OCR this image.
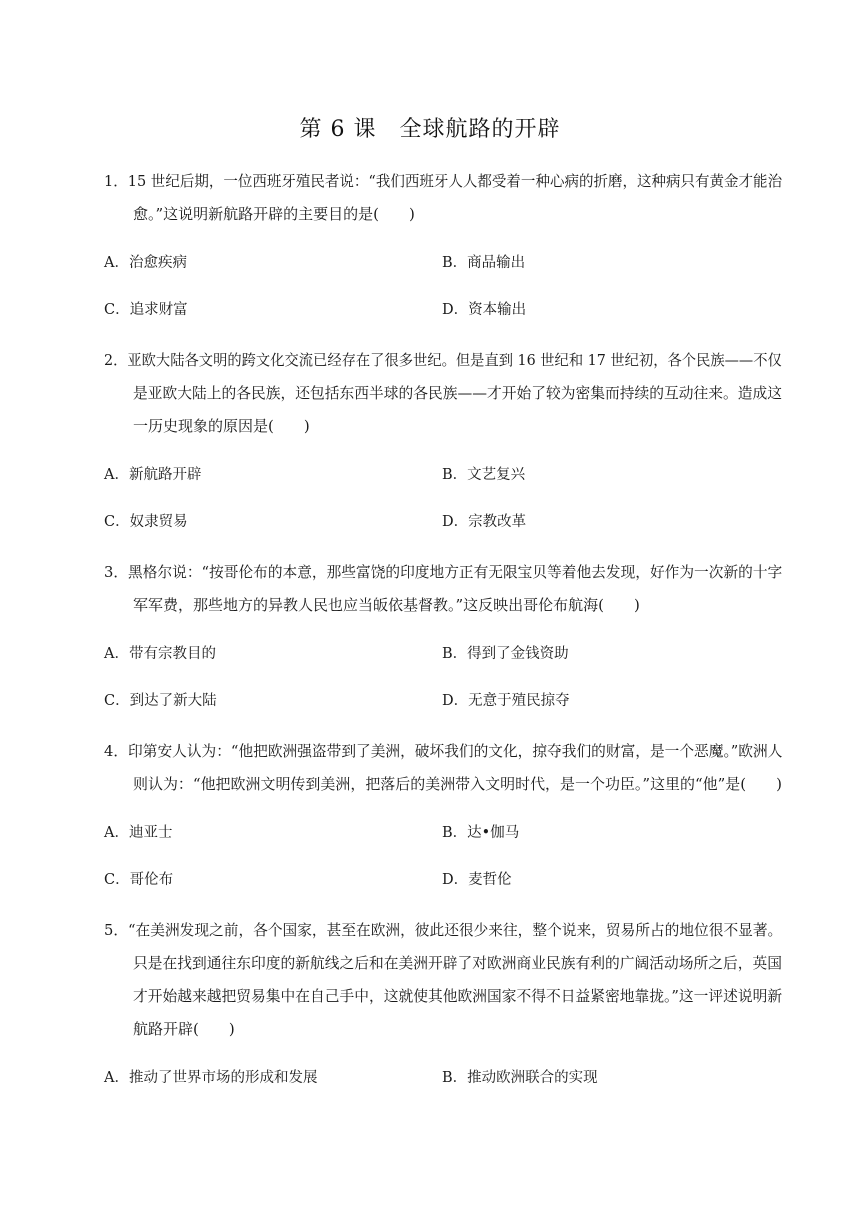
第 6 课　全球航路的开辟
1．15 世纪后期，一位西班牙殖民者说：“我们西班牙人人都受着一种心病的折磨，这种病只有黄金才能治
愈。”这说明新航路开辟的主要目的是(　　)
A．治愈疾病	B．商品输出
C．追求财富	D．资本输出
2．亚欧大陆各文明的跨文化交流已经存在了很多世纪。但是直到 16 世纪和 17 世纪初，各个民族——不仅
是亚欧大陆上的各民族，还包括东西半球的各民族——才开始了较为密集而持续的互动往来。造成这
一历史现象的原因是(　　)
A．新航路开辟	B．文艺复兴
C．奴隶贸易	D．宗教改革
3．黑格尔说：“按哥伦布的本意，那些富饶的印度地方正有无限宝贝等着他去发现，好作为一次新的十字
军军费，那些地方的异教人民也应当皈依基督教。”这反映出哥伦布航海(　　)
A．带有宗教目的	B．得到了金钱资助
C．到达了新大陆	D．无意于殖民掠夺
4．印第安人认为：“他把欧洲强盗带到了美洲，破坏我们的文化，掠夺我们的财富，是一个恶魔。”欧洲人
则认为：“他把欧洲文明传到美洲，把落后的美洲带入文明时代，是一个功臣。”这里的“他”是(　　)
A．迪亚士	B．达•伽马
C．哥伦布	D．麦哲伦
5．“在美洲发现之前，各个国家，甚至在欧洲，彼此还很少来往，整个说来，贸易所占的地位很不显著。
只是在找到通往东印度的新航线之后和在美洲开辟了对欧洲商业民族有利的广阔活动场所之后，英国
才开始越来越把贸易集中在自己手中，这就使其他欧洲国家不得不日益紧密地靠拢。”这一评述说明新
航路开辟(　　)
A．推动了世界市场的形成和发展	B．推动欧洲联合的实现
